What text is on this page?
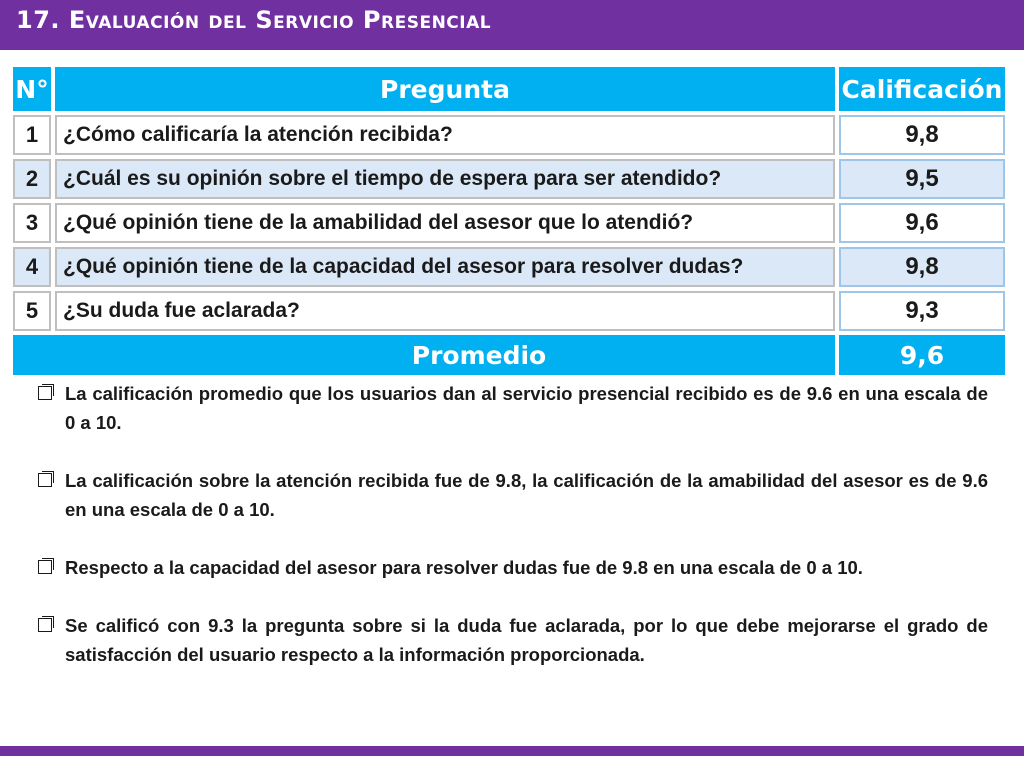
17. Evaluación del Servicio Presencial
N°	Pregunta	Calificación
1	¿Cómo calificaría la atención recibida?	9,8
2	¿Cuál es su opinión sobre el tiempo de espera para ser atendido?	9,5
3	¿Qué opinión tiene de la amabilidad del asesor que lo atendió?	9,6
4	¿Qué opinión tiene de la capacidad del asesor para resolver dudas?	9,8
5	¿Su duda fue aclarada?	9,3
Promedio	9,6
La calificación promedio que los usuarios dan al servicio presencial recibido es de 9.6 en una escala de 0 a 10.
La calificación sobre la atención recibida fue de 9.8, la calificación de la amabilidad del asesor es de 9.6 en una escala de 0 a 10.
Respecto a la capacidad del asesor para resolver dudas fue de 9.8 en una escala de 0 a 10.
Se calificó con 9.3 la pregunta sobre si la duda fue aclarada, por lo que debe mejorarse el grado de satisfacción del usuario respecto a la información proporcionada.
